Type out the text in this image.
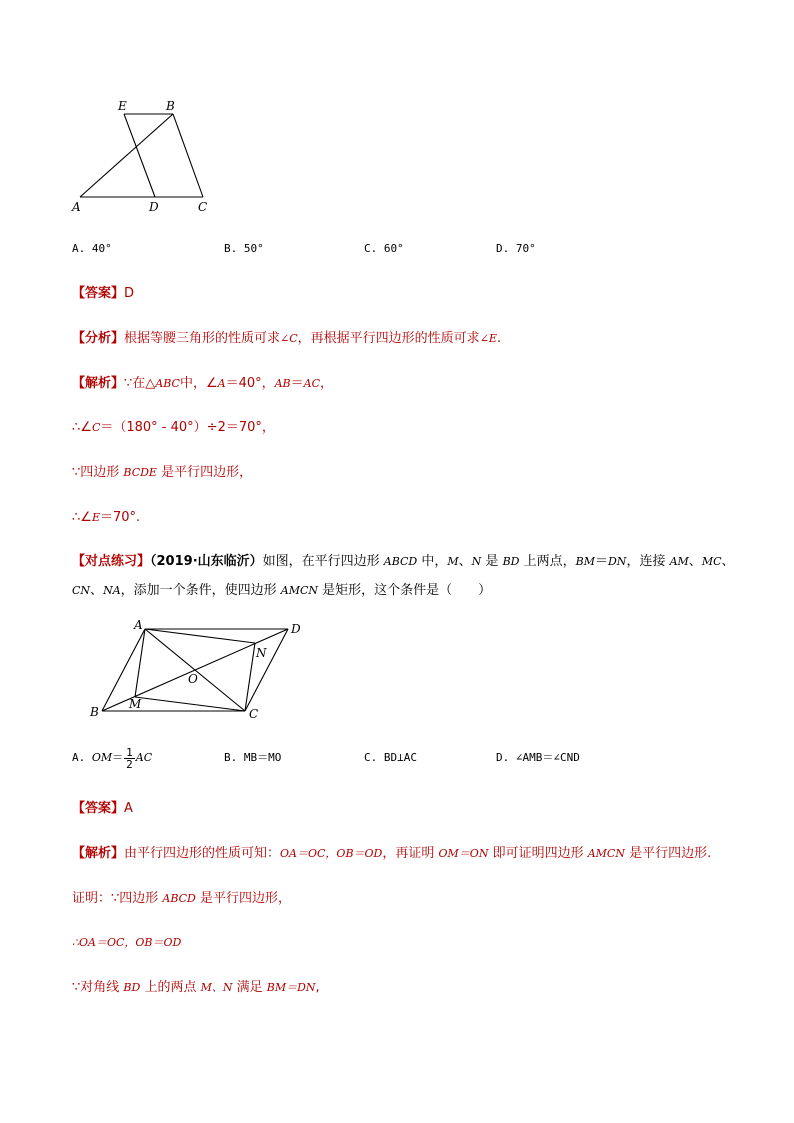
E	B
A	D	C
A. 40°	B. 50°	C. 60°	D. 70°
【答案】D
【分析】根据等腰三角形的性质可求∠C，再根据平行四边形的性质可求∠E.
【解析】∵在△ABC中，∠A＝40°，AB＝AC，
∴∠C＝（180° - 40°）÷2＝70°，
∵四边形 BCDE 是平行四边形，
∴∠E＝70°.
【对点练习】（2019·山东临沂）如图，在平行四边形 ABCD 中，M、N 是 BD 上两点，BM＝DN，连接 AM、MC、
CN、NA，添加一个条件，使四边形 AMCN 是矩形，这个条件是（　　）
A	D
N
O
B
M
C
A. $OM= \frac{1}{2}$ AC	B. MB＝MO	C. BD⊥AC	D. ∠AMB＝∠CND
【答案】A
【解析】由平行四边形的性质可知：OA＝OC，OB＝OD，再证明 OM＝ON 即可证明四边形 AMCN 是平行四边形.
证明：∵四边形 ABCD 是平行四边形，
∴OA＝OC，OB＝OD
∵对角线 BD 上的两点 M、N 满足 BM＝DN,
